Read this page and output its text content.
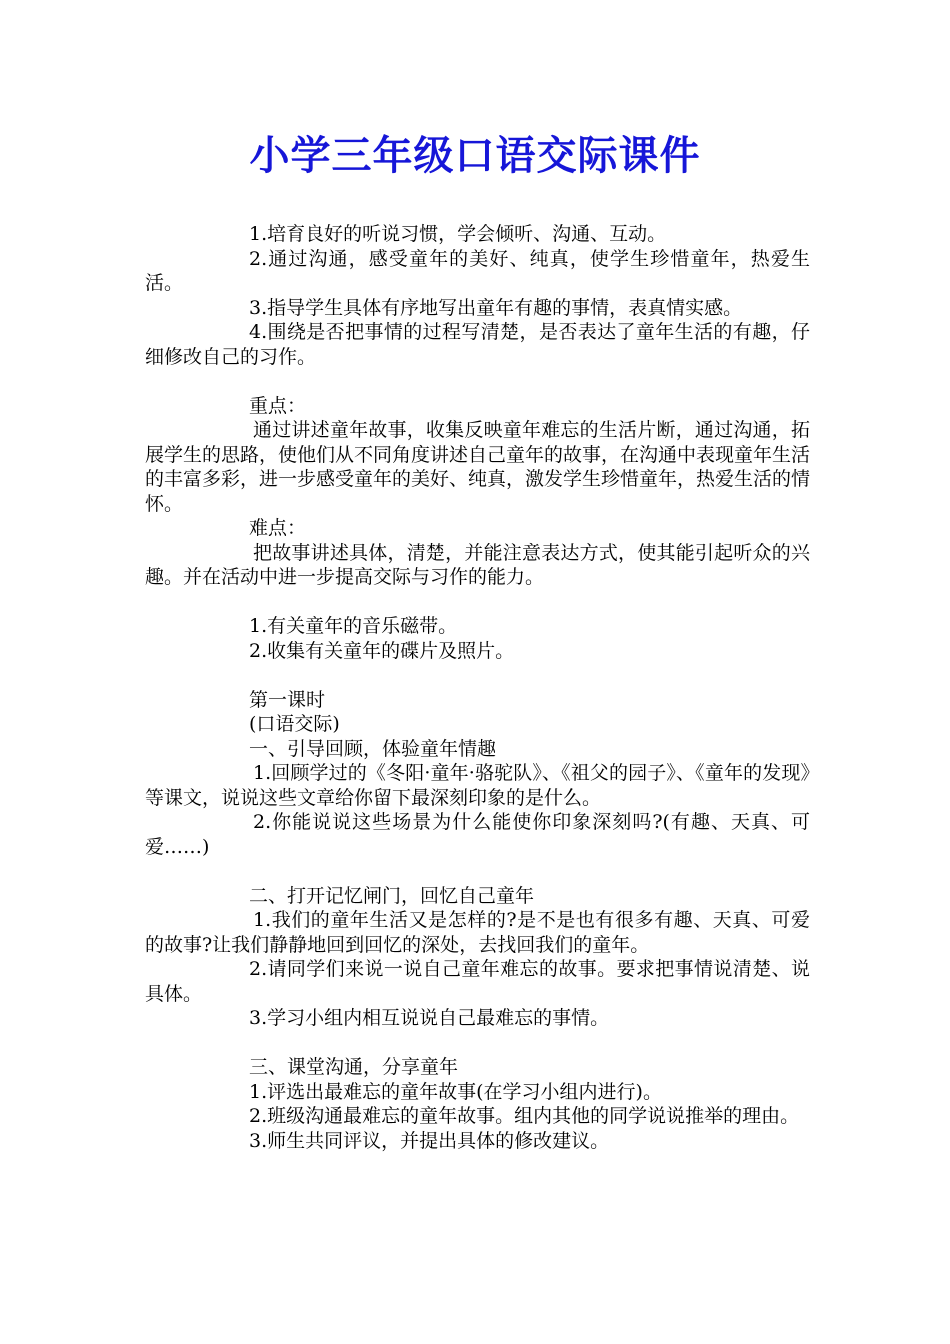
小学三年级口语交际课件

1.培育良好的听说习惯，学会倾听、沟通、互动。

2.通过沟通，感受童年的美好、纯真，使学生珍惜童年，热爱生活。

3.指导学生具体有序地写出童年有趣的事情，表真情实感。

4.围绕是否把事情的过程写清楚，是否表达了童年生活的有趣，仔细修改自己的习作。

重点：

通过讲述童年故事，收集反映童年难忘的生活片断，通过沟通，拓展学生的思路，使他们从不同角度讲述自己童年的故事，在沟通中表现童年生活的丰富多彩，进一步感受童年的美好、纯真，激发学生珍惜童年，热爱生活的情怀。

难点：

把故事讲述具体，清楚，并能注意表达方式，使其能引起听众的兴趣。并在活动中进一步提高交际与习作的能力。

1.有关童年的音乐磁带。

2.收集有关童年的碟片及照片。

第一课时

(口语交际)

一、引导回顾，体验童年情趣

1.回顾学过的《冬阳·童年·骆驼队》、《祖父的园子》、《童年的发现》等课文，说说这些文章给你留下最深刻印象的是什么。

2.你能说说这些场景为什么能使你印象深刻吗?(有趣、天真、可爱……)

二、打开记忆闸门，回忆自己童年

1.我们的童年生活又是怎样的?是不是也有很多有趣、天真、可爱的故事?让我们静静地回到回忆的深处，去找回我们的童年。

2.请同学们来说一说自己童年难忘的故事。要求把事情说清楚、说具体。

3.学习小组内相互说说自己最难忘的事情。

三、课堂沟通，分享童年

1.评选出最难忘的童年故事(在学习小组内进行)。

2.班级沟通最难忘的童年故事。组内其他的同学说说推举的理由。

3.师生共同评议，并提出具体的修改建议。
